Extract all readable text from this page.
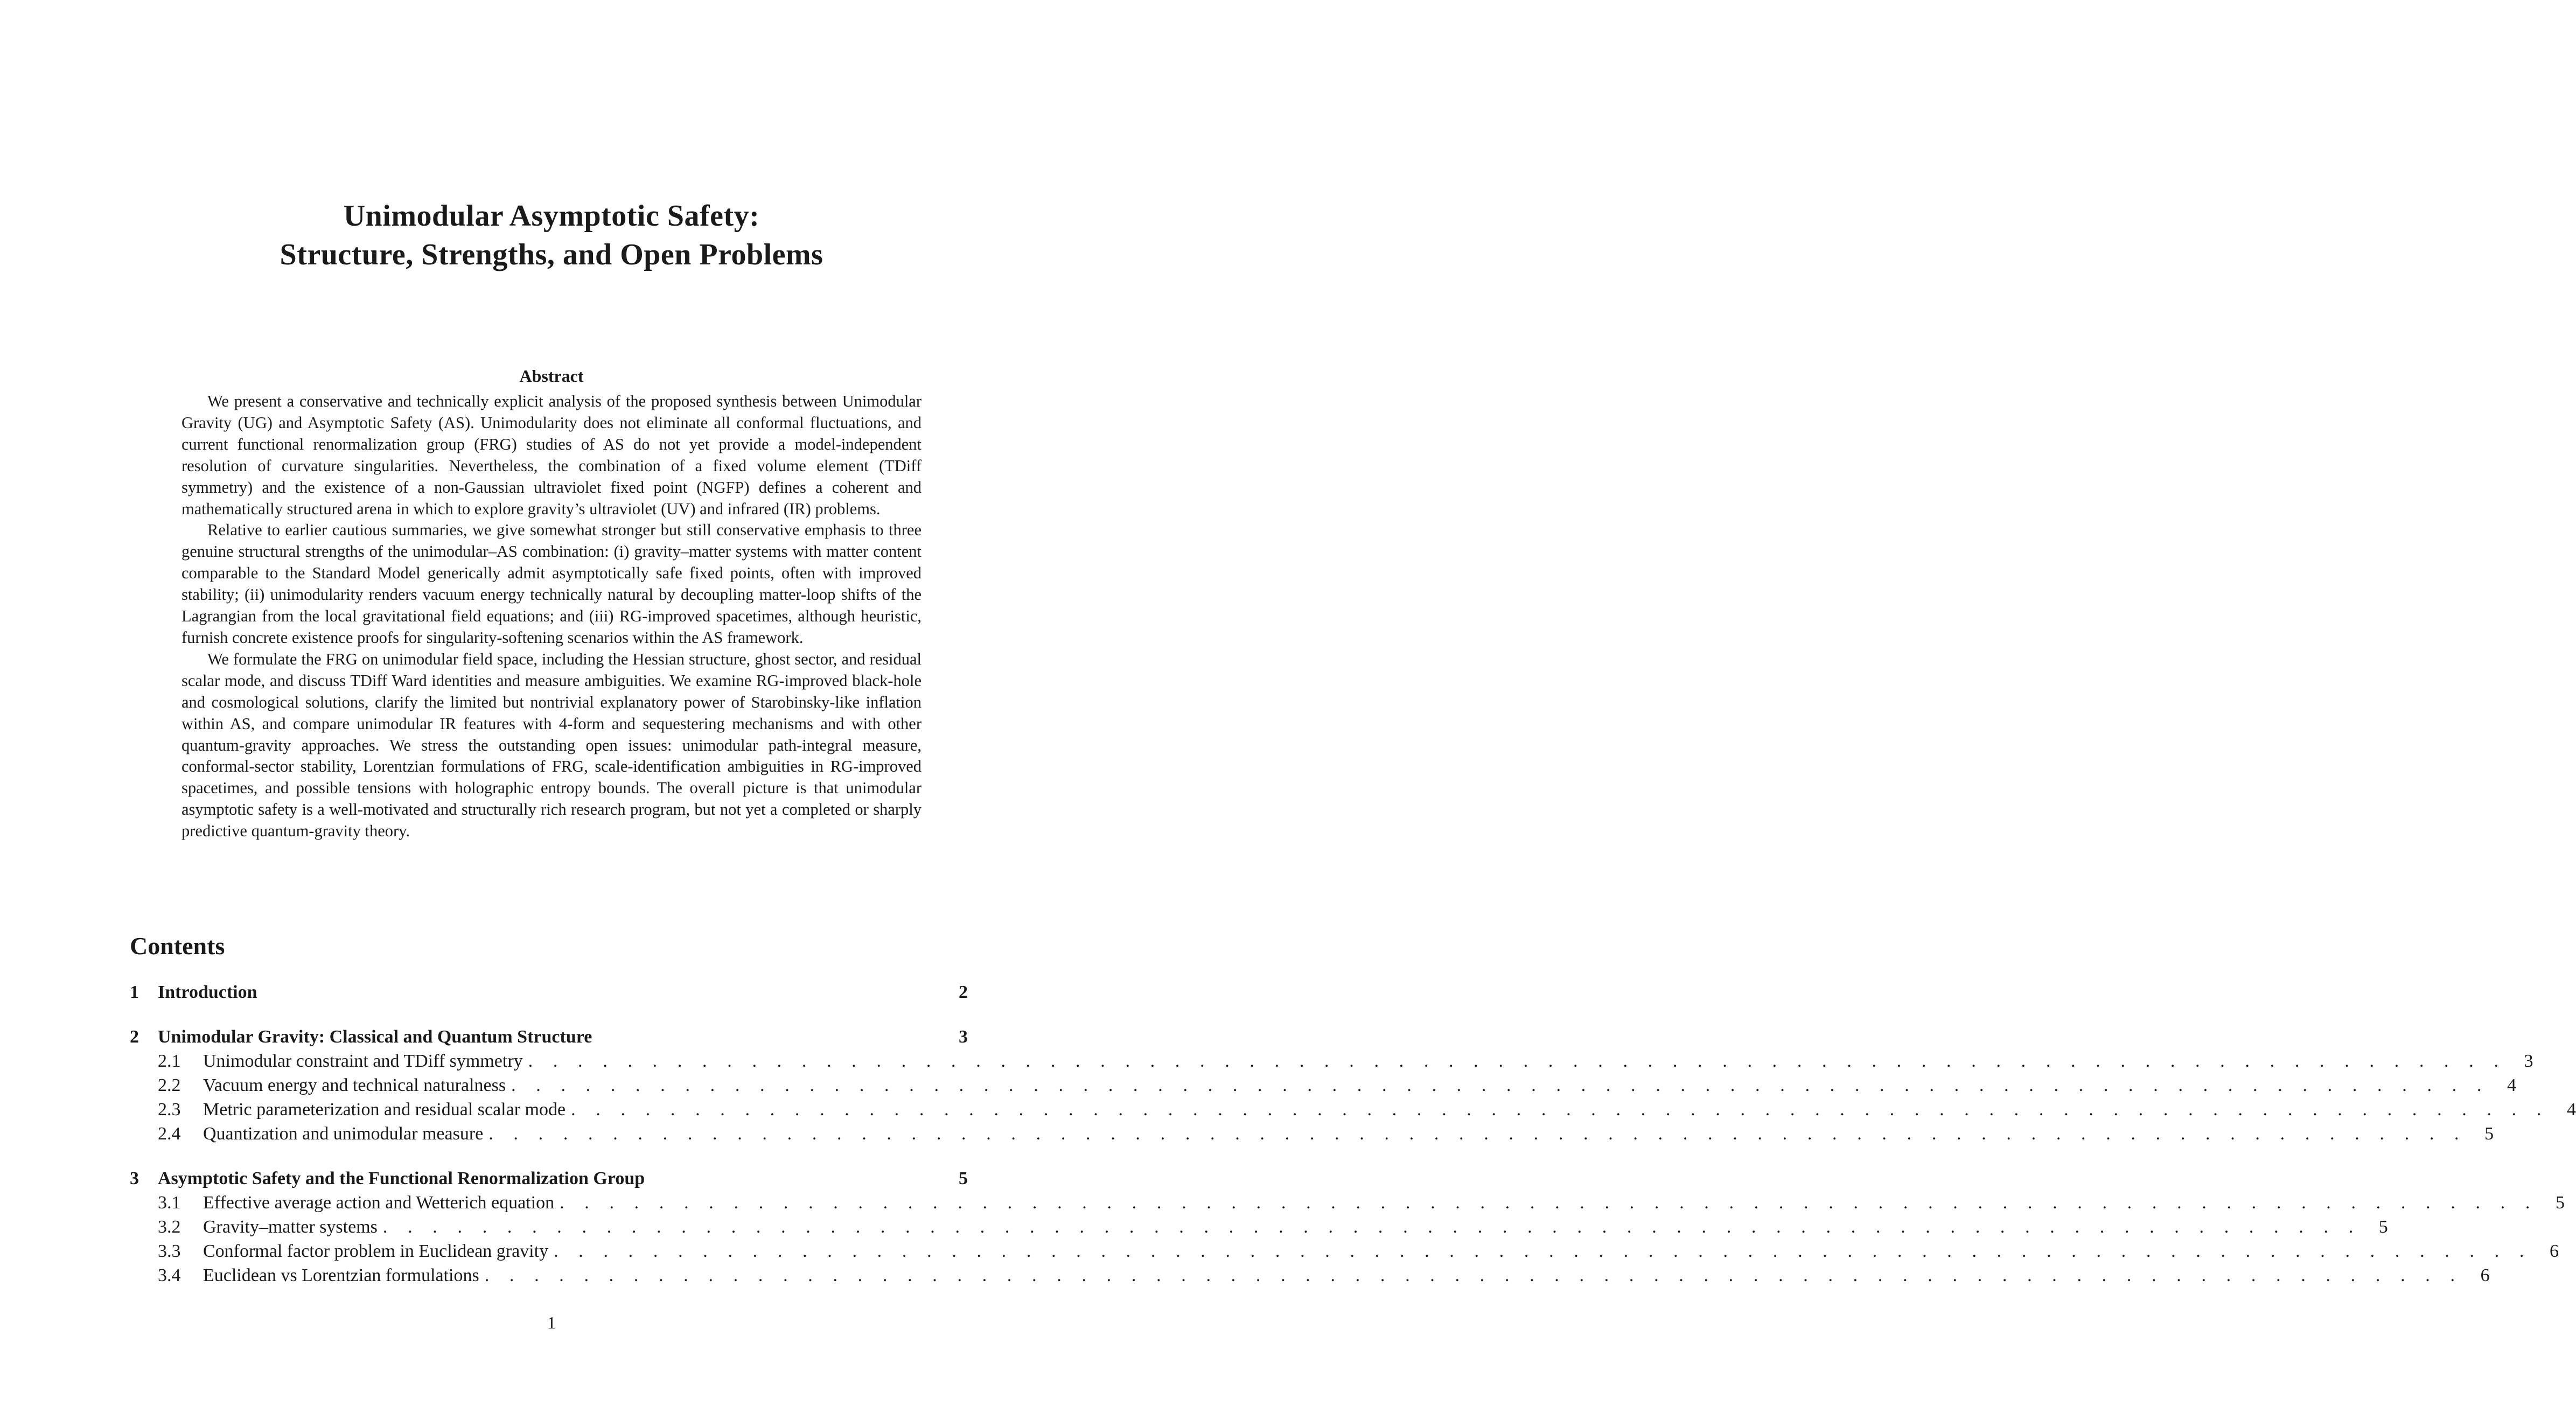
Unimodular Asymptotic Safety:
Structure, Strengths, and Open Problems
Abstract

We present a conservative and technically explicit analysis of the proposed synthesis between Unimodular Gravity (UG) and Asymptotic Safety (AS). Unimodularity does not eliminate all conformal fluctuations, and current functional renormalization group (FRG) studies of AS do not yet provide a model-independent resolution of curvature singularities. Nevertheless, the combination of a fixed volume element (TDiff symmetry) and the existence of a non-Gaussian ultraviolet fixed point (NGFP) defines a coherent and mathematically structured arena in which to explore gravity’s ultraviolet (UV) and infrared (IR) problems.

Relative to earlier cautious summaries, we give somewhat stronger but still conservative emphasis to three genuine structural strengths of the unimodular–AS combination: (i) gravity–matter systems with matter content comparable to the Standard Model generically admit asymptotically safe fixed points, often with improved stability; (ii) unimodularity renders vacuum energy technically natural by decoupling matter-loop shifts of the Lagrangian from the local gravitational field equations; and (iii) RG-improved spacetimes, although heuristic, furnish concrete existence proofs for singularity-softening scenarios within the AS framework.

We formulate the FRG on unimodular field space, including the Hessian structure, ghost sector, and residual scalar mode, and discuss TDiff Ward identities and measure ambiguities. We examine RG-improved black-hole and cosmological solutions, clarify the limited but nontrivial explanatory power of Starobinsky-like inflation within AS, and compare unimodular IR features with 4-form and sequestering mechanisms and with other quantum-gravity approaches. We stress the outstanding open issues: unimodular path-integral measure, conformal-sector stability, Lorentzian formulations of FRG, scale-identification ambiguities in RG-improved spacetimes, and possible tensions with holographic entropy bounds. The overall picture is that unimodular asymptotic safety is a well-motivated and structurally rich research program, but not yet a completed or sharply predictive quantum-gravity theory.

Contents
1	Introduction	2
2	Unimodular Gravity: Classical and Quantum Structure	3
2.1	Unimodular constraint and TDiff symmetry . . . . . . . . . . . . . . . . . . . . . . . . . . . . . . . . . . . . . . . . . . . . . . . . . . . . . . . . . . . . . . . . . . . . . . . . . . . . . . . . 3
2.2	Vacuum energy and technical naturalness . . . . . . . . . . . . . . . . . . . . . . . . . . . . . . . . . . . . . . . . . . . . . . . . . . . . . . . . . . . . . . . . . . . . . . . . . . . . . . . . 4
2.3	Metric parameterization and residual scalar mode . . . . . . . . . . . . . . . . . . . . . . . . . . . . . . . . . . . . . . . . . . . . . . . . . . . . . . . . . . . . . . . . . . . . . . . . . . . . . . . . 4
2.4	Quantization and unimodular measure . . . . . . . . . . . . . . . . . . . . . . . . . . . . . . . . . . . . . . . . . . . . . . . . . . . . . . . . . . . . . . . . . . . . . . . . . . . . . . . . 5
3	Asymptotic Safety and the Functional Renormalization Group	5
3.1	Effective average action and Wetterich equation . . . . . . . . . . . . . . . . . . . . . . . . . . . . . . . . . . . . . . . . . . . . . . . . . . . . . . . . . . . . . . . . . . . . . . . . . . . . . . . . 5
3.2	Gravity–matter systems . . . . . . . . . . . . . . . . . . . . . . . . . . . . . . . . . . . . . . . . . . . . . . . . . . . . . . . . . . . . . . . . . . . . . . . . . . . . . . . . 5
3.3	Conformal factor problem in Euclidean gravity . . . . . . . . . . . . . . . . . . . . . . . . . . . . . . . . . . . . . . . . . . . . . . . . . . . . . . . . . . . . . . . . . . . . . . . . . . . . . . . . 6
3.4	Euclidean vs Lorentzian formulations . . . . . . . . . . . . . . . . . . . . . . . . . . . . . . . . . . . . . . . . . . . . . . . . . . . . . . . . . . . . . . . . . . . . . . . . . . . . . . . . 6
1
